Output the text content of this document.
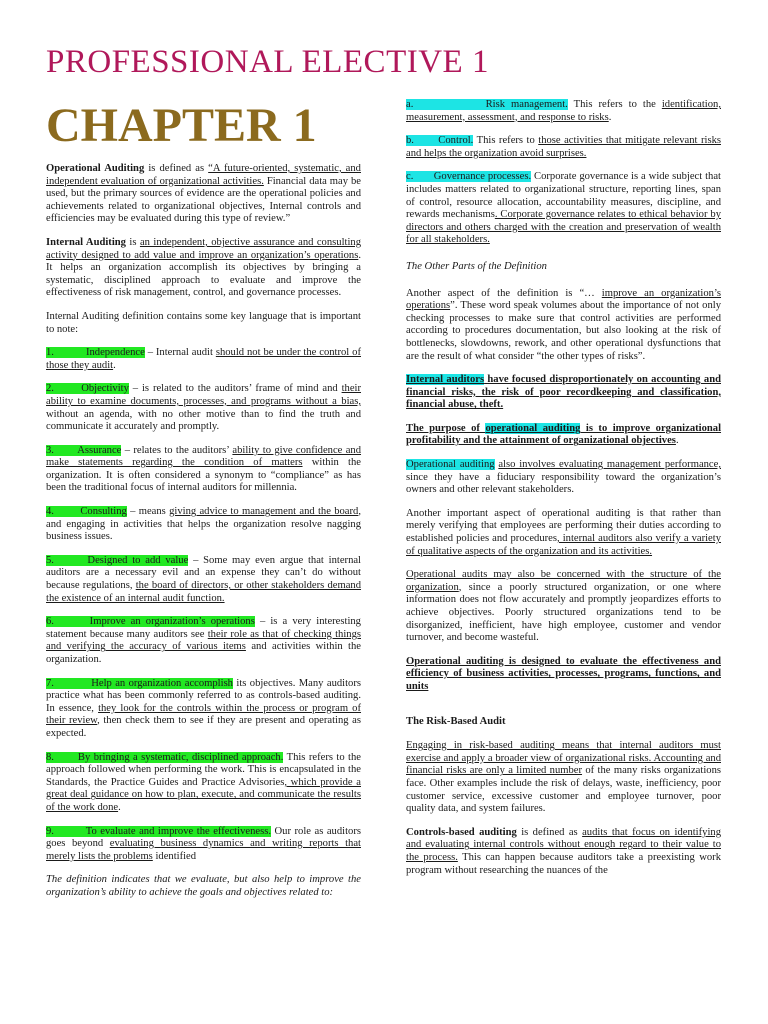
PROFESSIONAL ELECTIVE 1
CHAPTER 1

Operational Auditing is defined as “A future-oriented, systematic, and independent evaluation of organizational activities. Financial data may be used, but the primary sources of evidence are the operational policies and achievements related to organizational objectives, Internal controls and efficiencies may be evaluated during this type of review.”

Internal Auditing is an independent, objective assurance and consulting activity designed to add value and improve an organization’s operations. It helps an organization accomplish its objectives by bringing a systematic, disciplined approach to evaluate and improve the effectiveness of risk management, control, and governance processes.

Internal Auditing definition contains some key language that is important to note:

1.           Independence – Internal audit should not be under the control of those they audit.

2.       Objectivity – is related to the auditors’ frame of mind and their ability to examine documents, processes, and programs without a bias, without an agenda, with no other motive than to find the truth and communicate it accurately and promptly.

3.       Assurance – relates to the auditors’ ability to give confidence and make statements regarding the condition of matters within the organization. It is often considered a synonym to “compliance” as has been the traditional focus of internal auditors for millennia.

4.        Consulting – means giving advice to management and the board, and engaging in activities that helps the organization resolve nagging business issues.

5.       Designed to add value – Some may even argue that internal auditors are a necessary evil and an expense they can’t do without because regulations, the board of directors, or other stakeholders demand the existence of an internal audit function.

6.       Improve an organization’s operations – is a very interesting statement because many auditors see their role as that of checking things and verifying the accuracy of various items and activities within the organization.

7.           Help an organization accomplish its objectives. Many auditors practice what has been commonly referred to as controls-based auditing. In essence, they look for the controls within the process or program of their review, then check them to see if they are present and operating as expected.

8.       By bringing a systematic, disciplined approach. This refers to the approach followed when performing the work. This is encapsulated in the Standards, the Practice Guides and Practice Advisories, which provide a great deal guidance on how to plan, execute, and communicate the results of the work done.

9.         To evaluate and improve the effectiveness. Our role as auditors goes beyond evaluating business dynamics and writing reports that merely lists the problems identified

The definition indicates that we evaluate, but also help to improve the organization’s ability to achieve the goals and objectives related to:

a.            Risk management. This refers to the identification, measurement, assessment, and response to risks.

b.       Control. This refers to those activities that mitigate relevant risks and helps the organization avoid surprises.

c.       Governance processes. Corporate governance is a wide subject that includes matters related to organizational structure, reporting lines, span of control, resource allocation, accountability measures, discipline, and rewards mechanisms. Corporate governance relates to ethical behavior by directors and others charged with the creation and preservation of wealth for all stakeholders.

The Other Parts of the Definition

Another aspect of the definition is “… improve an organization’s operations”. These word speak volumes about the importance of not only checking processes to make sure that control activities are performed according to procedures documentation, but also looking at the risk of bottlenecks, slowdowns, rework, and other operational dysfunctions that are the result of what consider “the other types of risks”.

Internal auditors have focused disproportionately on accounting and financial risks, the risk of poor recordkeeping and classification, financial abuse, theft.

The purpose of operational auditing is to improve organizational profitability and the attainment of organizational objectives.

Operational auditing also involves evaluating management performance, since they have a fiduciary responsibility toward the organization’s owners and other relevant stakeholders.

Another important aspect of operational auditing is that rather than merely verifying that employees are performing their duties according to established policies and procedures, internal auditors also verify a variety of qualitative aspects of the organization and its activities.

Operational audits may also be concerned with the structure of the organization, since a poorly structured organization, or one where information does not flow accurately and promptly jeopardizes efforts to achieve objectives. Poorly structured organizations tend to be disorganized, inefficient, have high employee, customer and vendor turnover, and become wasteful.

Operational auditing is designed to evaluate the effectiveness and efficiency of business activities, processes, programs, functions, and units

The Risk-Based Audit

Engaging in risk-based auditing means that internal auditors must exercise and apply a broader view of organizational risks. Accounting and financial risks are only a limited number of the many risks organizations face. Other examples include the risk of delays, waste, inefficiency, poor customer service, excessive customer and employee turnover, poor quality data, and system failures.

Controls-based auditing is defined as audits that focus on identifying and evaluating internal controls without enough regard to their value to the process. This can happen because auditors take a preexisting work program without researching the nuances of the
